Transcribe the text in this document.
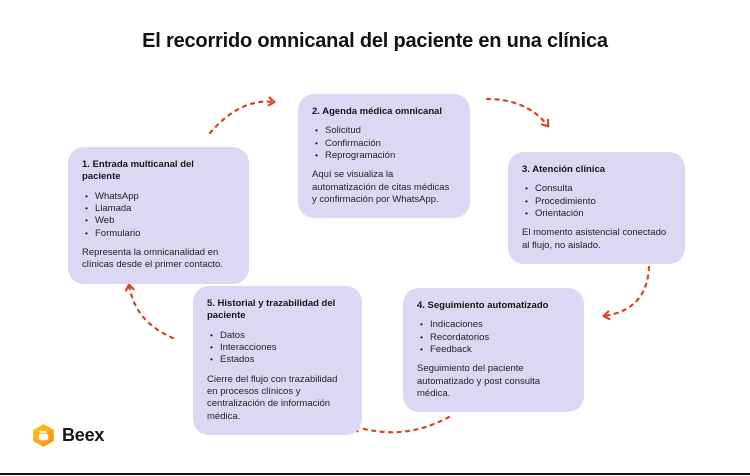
El recorrido omnicanal del paciente en una clínica
1. Entrada multicanal del paciente
• WhatsApp
• Llamada
• Web
• Formulario

Representa la omnicanalidad en clínicas desde el primer contacto.

2. Agenda médica omnicanal
• Solicitud
• Confirmación
• Reprogramación

Aquí se visualiza la automatización de citas médicas y confirmación por WhatsApp.

3. Atención clínica
• Consulta
• Procedimiento
• Orientación

El momento asistencial conectado al flujo, no aislado.

4. Seguimiento automatizado
• Indicaciones
• Recordatorios
• Feedback

Seguimiento del paciente automatizado y post consulta médica.

5. Historial y trazabilidad del paciente
• Datos
• Interacciones
• Estados

Cierre del flujo con trazabilidad en procesos clínicos y centralización de información médica.

Beex
